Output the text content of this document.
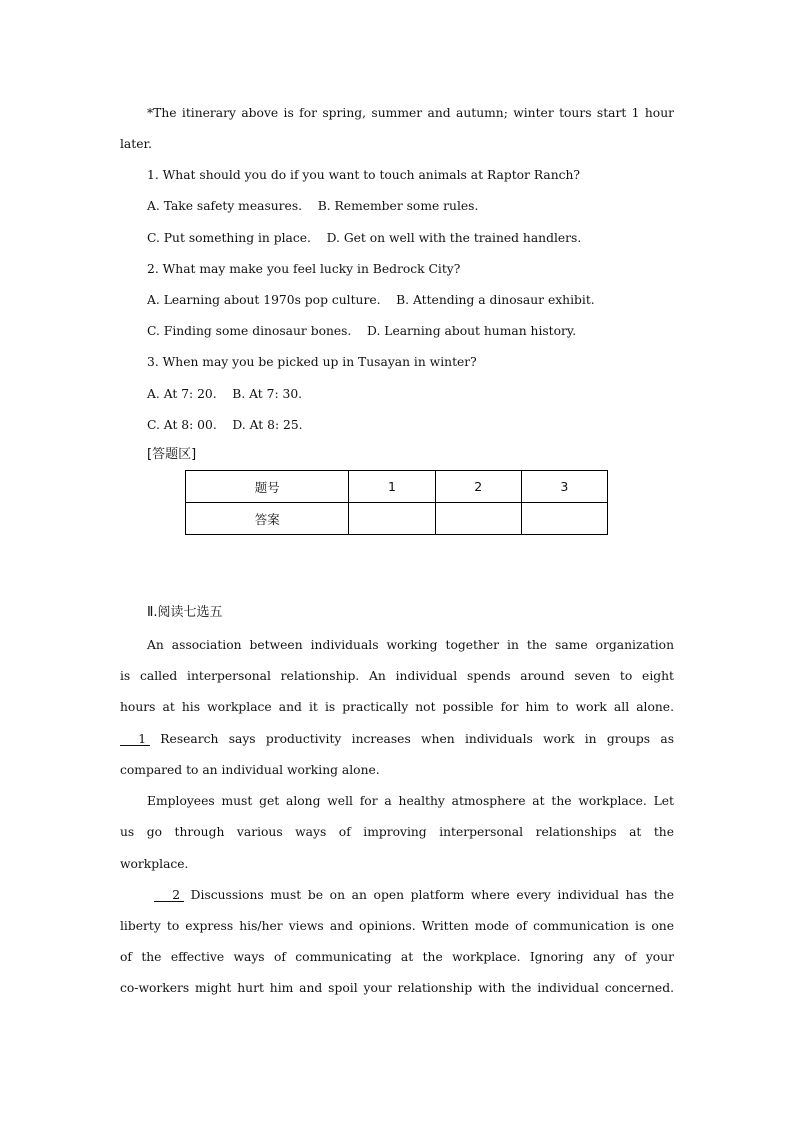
*The itinerary above is for spring, summer and autumn; winter tours start 1 hour
later.
1. What should you do if you want to touch animals at Raptor Ranch?
A. Take safety measures.    B. Remember some rules.
C. Put something in place.    D. Get on well with the trained handlers.
2. What may make you feel lucky in Bedrock City?
A. Learning about 1970s pop culture.    B. Attending a dinosaur exhibit.
C. Finding some dinosaur bones.    D. Learning about human history.
3. When may you be picked up in Tusayan in winter?
A. At 7: 20.    B. At 7: 30.
C. At 8: 00.    D. At 8: 25.
[答题区]
题号	1	2	3
答案			
Ⅱ.阅读七选五
An association between individuals working together in the same organization
is called interpersonal relationship. An individual spends around seven to eight
hours at his workplace and it is practically not possible for him to work all alone.
1  Research says productivity increases when individuals work in groups as
compared to an individual working alone.
Employees must get along well for a healthy atmosphere at the workplace. Let
us go through various ways of improving interpersonal relationships at the
workplace.
2  Discussions must be on an open platform where every individual has the
liberty to express his/her views and opinions. Written mode of communication is one
of the effective ways of communicating at the workplace. Ignoring any of your
co-workers might hurt him and spoil your relationship with the individual concerned.
